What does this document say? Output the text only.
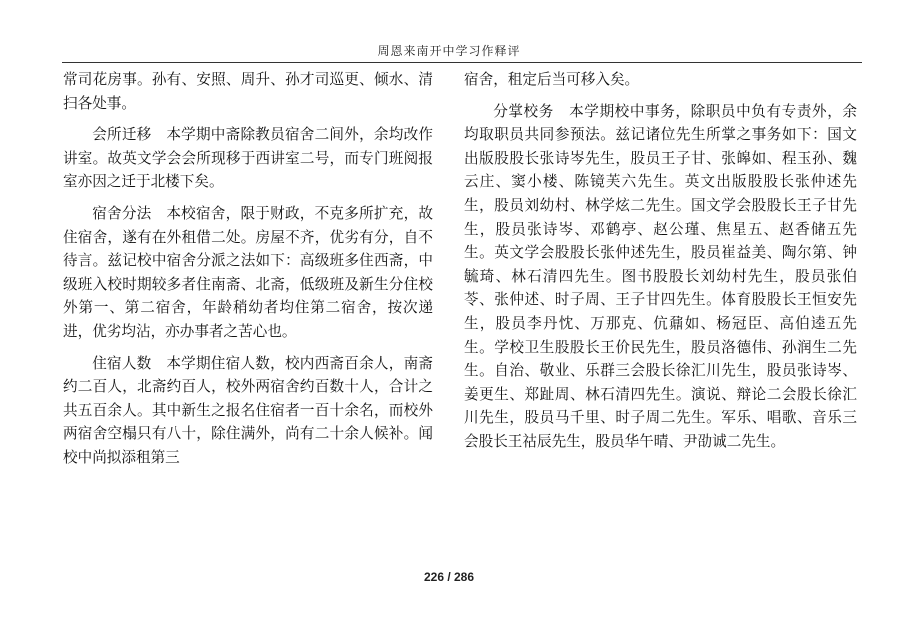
周恩来南开中学习作释评

常司花房事。孙有、安照、周升、孙才司巡更、倾水、清扫各处事。

会所迁移　本学期中斋除教员宿舍二间外，余均改作讲室。故英文学会会所现移于西讲室二号，而专门班阅报室亦因之迁于北楼下矣。

宿舍分法　本校宿舍，限于财政，不克多所扩充，故住宿舍，遂有在外租借二处。房屋不齐，优劣有分，自不待言。兹记校中宿舍分派之法如下：高级班多住西斋，中级班入校时期较多者住南斋、北斋，低级班及新生分住校外第一、第二宿舍，年龄稍幼者均住第二宿舍，按次递进，优劣均沾，亦办事者之苦心也。

住宿人数　本学期住宿人数，校内西斋百余人，南斋约二百人，北斋约百人，校外两宿舍约百数十人，合计之共五百余人。其中新生之报名住宿者一百十余名，而校外两宿舍空榻只有八十，除住满外，尚有二十余人候补。闻校中尚拟添租第三

宿舍，租定后当可移入矣。

分掌校务　本学期校中事务，除职员中负有专责外，余均取职员共同参预法。兹记诸位先生所掌之事务如下：国文出版股股长张诗岑先生，股员王子甘、张皞如、程玉孙、魏云庄、窦小楼、陈镜芙六先生。英文出版股股长张仲述先生，股员刘幼村、林学炫二先生。国文学会股股长王子甘先生，股员张诗岑、邓鹤亭、赵公瑾、焦星五、赵香储五先生。英文学会股股长张仲述先生，股员崔益美、陶尔第、钟毓琦、林石清四先生。图书股股长刘幼村先生，股员张伯苓、张仲述、时子周、王子甘四先生。体育股股长王恒安先生，股员李丹忱、万那克、伉鼐如、杨冠臣、高伯逵五先生。学校卫生股股长王价民先生，股员洛德伟、孙润生二先生。自治、敬业、乐群三会股长徐汇川先生，股员张诗岑、姜更生、郑趾周、林石清四先生。演说、辩论二会股长徐汇川先生，股员马千里、时子周二先生。军乐、唱歌、音乐三会股长王祜辰先生，股员华午晴、尹劭诚二先生。

226 / 286
